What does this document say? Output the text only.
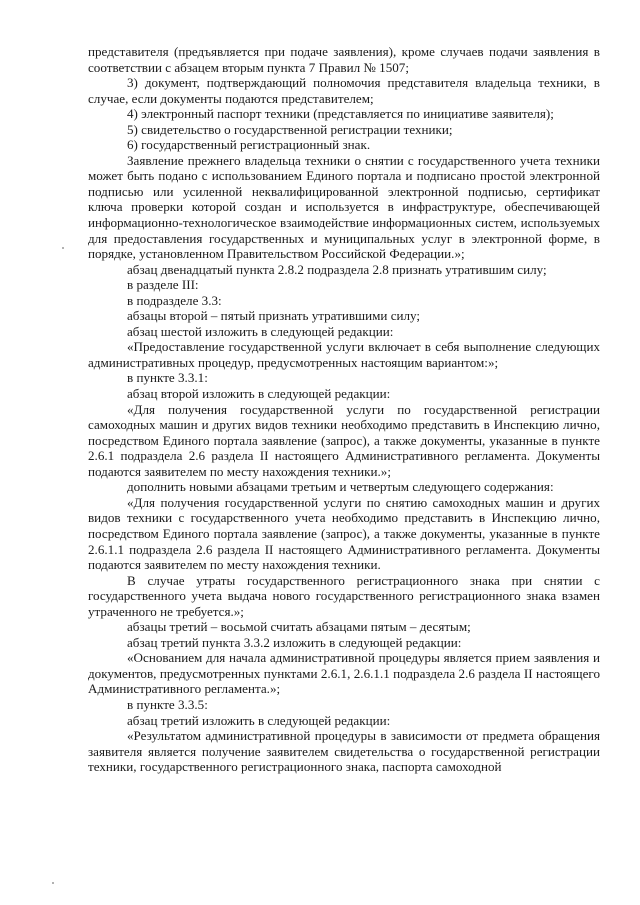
представителя (предъявляется при подаче заявления), кроме случаев подачи заявления в соответствии с абзацем вторым пункта 7 Правил № 1507;

3) документ, подтверждающий полномочия представителя владельца техники, в случае, если документы подаются представителем;

4) электронный паспорт техники (представляется по инициативе заявителя);

5) свидетельство о государственной регистрации техники;

6) государственный регистрационный знак.

Заявление прежнего владельца техники о снятии с государственного учета техники может быть подано с использованием Единого портала и подписано простой электронной подписью или усиленной неквалифицированной электронной подписью, сертификат ключа проверки которой создан и используется в инфраструктуре, обеспечивающей информационно-технологическое взаимодействие информационных систем, используемых для предоставления государственных и муниципальных услуг в электронной форме, в порядке, установленном Правительством Российской Федерации.»;

абзац двенадцатый пункта 2.8.2 подраздела 2.8 признать утратившим силу;

в разделе III:

в подразделе 3.3:

абзацы второй – пятый признать утратившими силу;

абзац шестой изложить в следующей редакции:

«Предоставление государственной услуги включает в себя выполнение следующих административных процедур, предусмотренных настоящим вариантом:»;

в пункте 3.3.1:

абзац второй изложить в следующей редакции:

«Для получения государственной услуги по государственной регистрации самоходных машин и других видов техники необходимо представить в Инспекцию лично, посредством Единого портала заявление (запрос), а также документы, указанные в пункте 2.6.1 подраздела 2.6 раздела II настоящего Административного регламента. Документы подаются заявителем по месту нахождения техники.»;

дополнить новыми абзацами третьим и четвертым следующего содержания:

«Для получения государственной услуги по снятию самоходных машин и других видов техники с государственного учета необходимо представить в Инспекцию лично, посредством Единого портала заявление (запрос), а также документы, указанные в пункте 2.6.1.1 подраздела 2.6 раздела II настоящего Административного регламента. Документы подаются заявителем по месту нахождения техники.

В случае утраты государственного регистрационного знака при снятии с государственного учета выдача нового государственного регистрационного знака взамен утраченного не требуется.»;

абзацы третий – восьмой считать абзацами пятым – десятым;

абзац третий пункта 3.3.2 изложить в следующей редакции:

«Основанием для начала административной процедуры является прием заявления и документов, предусмотренных пунктами 2.6.1, 2.6.1.1 подраздела 2.6 раздела II настоящего Административного регламента.»;

в пункте 3.3.5:

абзац третий изложить в следующей редакции:

«Результатом административной процедуры в зависимости от предмета обращения заявителя является получение заявителем свидетельства о государственной регистрации техники, государственного регистрационного знака, паспорта самоходной
